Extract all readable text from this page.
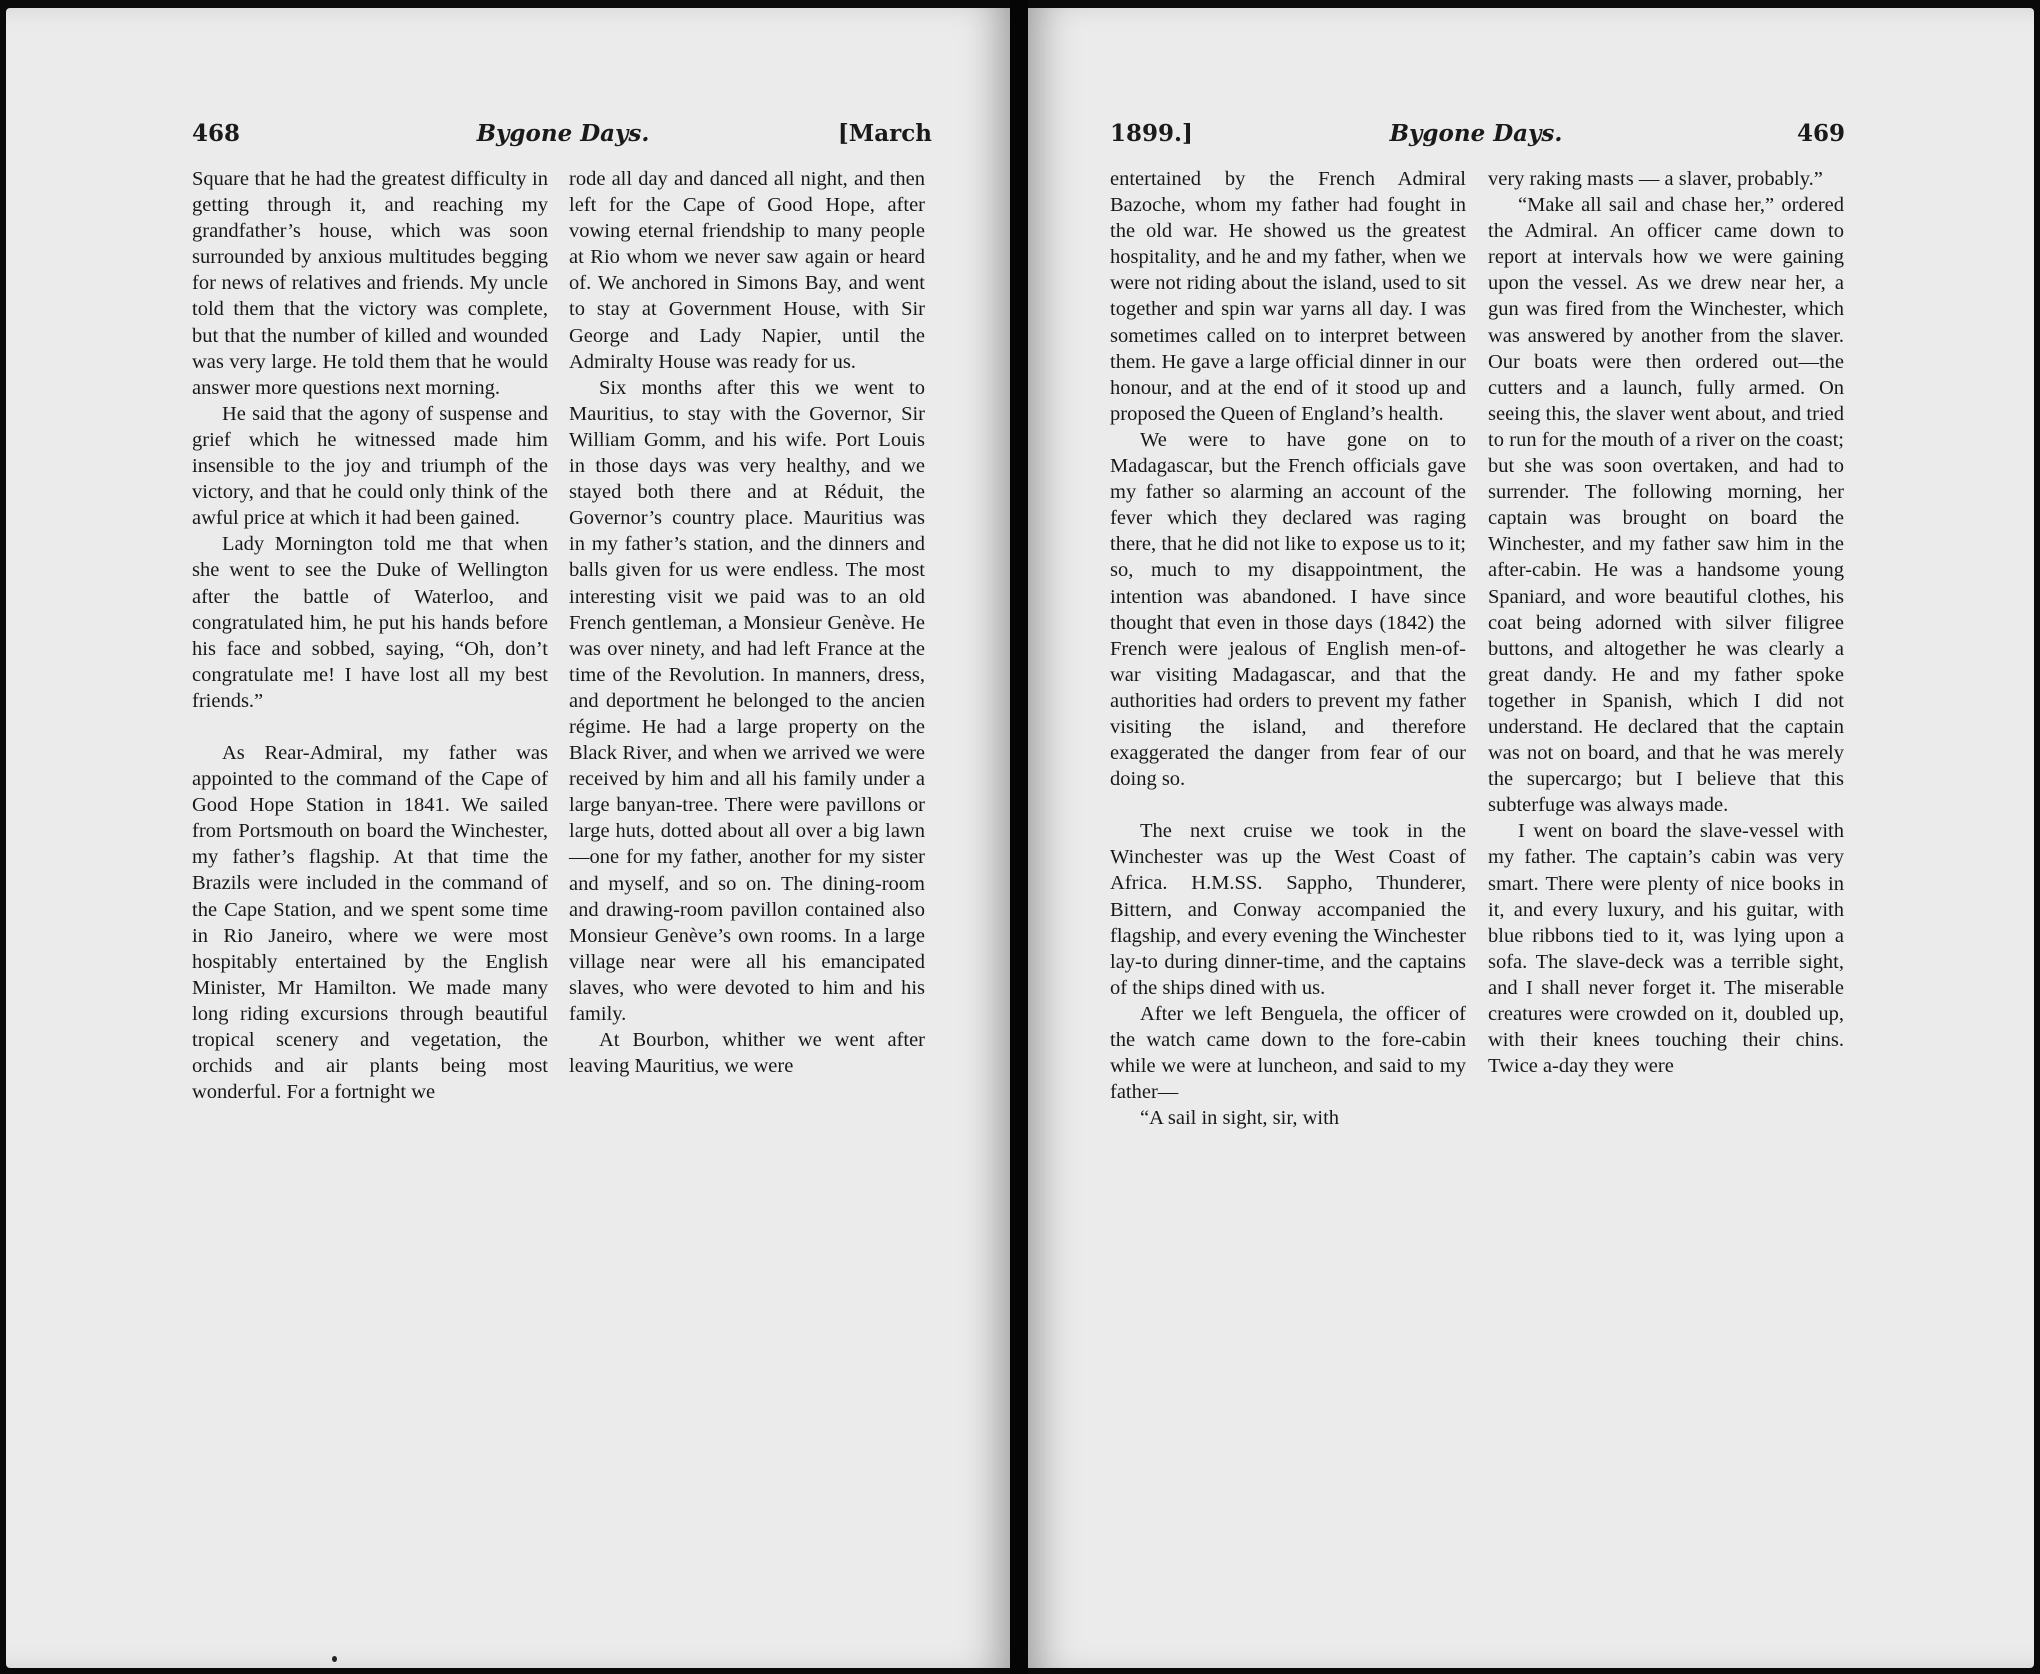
468	Bygone Days.	[March

Square that he had the greatest difficulty in getting through it, and reaching my grandfather’s house, which was soon surrounded by anxious multitudes begging for news of relatives and friends. My uncle told them that the victory was complete, but that the number of killed and wounded was very large. He told them that he would answer more questions next morning.

He said that the agony of suspense and grief which he witnessed made him insensible to the joy and triumph of the victory, and that he could only think of the awful price at which it had been gained.

Lady Mornington told me that when she went to see the Duke of Wellington after the battle of Waterloo, and congratulated him, he put his hands before his face and sobbed, saying, “Oh, don’t congratulate me! I have lost all my best friends.”

As Rear-Admiral, my father was appointed to the command of the Cape of Good Hope Station in 1841. We sailed from Portsmouth on board the Winchester, my father’s flagship. At that time the Brazils were included in the command of the Cape Station, and we spent some time in Rio Janeiro, where we were most hospitably entertained by the English Minister, Mr Hamilton. We made many long riding excursions through beautiful tropical scenery and vegetation, the orchids and air plants being most wonderful. For a fortnight we

rode all day and danced all night, and then left for the Cape of Good Hope, after vowing eternal friendship to many people at Rio whom we never saw again or heard of. We anchored in Simons Bay, and went to stay at Government House, with Sir George and Lady Napier, until the Admiralty House was ready for us.

Six months after this we went to Mauritius, to stay with the Governor, Sir William Gomm, and his wife. Port Louis in those days was very healthy, and we stayed both there and at Réduit, the Governor’s country place. Mauritius was in my father’s station, and the dinners and balls given for us were endless. The most interesting visit we paid was to an old French gentleman, a Monsieur Genève. He was over ninety, and had left France at the time of the Revolution. In manners, dress, and deportment he belonged to the ancien régime. He had a large property on the Black River, and when we arrived we were received by him and all his family under a large banyan-tree. There were pavillons or large huts, dotted about all over a big lawn—one for my father, another for my sister and myself, and so on. The dining-room and drawing-room pavillon contained also Monsieur Genève’s own rooms. In a large village near were all his emancipated slaves, who were devoted to him and his family.

At Bourbon, whither we went after leaving Mauritius, we were

1899.]	Bygone Days.	469

entertained by the French Admiral Bazoche, whom my father had fought in the old war. He showed us the greatest hospitality, and he and my father, when we were not riding about the island, used to sit together and spin war yarns all day. I was sometimes called on to interpret between them. He gave a large official dinner in our honour, and at the end of it stood up and proposed the Queen of England’s health.

We were to have gone on to Madagascar, but the French officials gave my father so alarming an account of the fever which they declared was raging there, that he did not like to expose us to it; so, much to my disappointment, the intention was abandoned. I have since thought that even in those days (1842) the French were jealous of English men-of-war visiting Madagascar, and that the authorities had orders to prevent my father visiting the island, and therefore exaggerated the danger from fear of our doing so.

The next cruise we took in the Winchester was up the West Coast of Africa. H.M.SS. Sappho, Thunderer, Bittern, and Conway accompanied the flagship, and every evening the Winchester lay-to during dinner-time, and the captains of the ships dined with us.

After we left Benguela, the officer of the watch came down to the fore-cabin while we were at luncheon, and said to my father—

“A sail in sight, sir, with

very raking masts — a slaver, probably.”

“Make all sail and chase her,” ordered the Admiral. An officer came down to report at intervals how we were gaining upon the vessel. As we drew near her, a gun was fired from the Winchester, which was answered by another from the slaver. Our boats were then ordered out—the cutters and a launch, fully armed. On seeing this, the slaver went about, and tried to run for the mouth of a river on the coast; but she was soon overtaken, and had to surrender. The following morning, her captain was brought on board the Winchester, and my father saw him in the after-cabin. He was a handsome young Spaniard, and wore beautiful clothes, his coat being adorned with silver filigree buttons, and altogether he was clearly a great dandy. He and my father spoke together in Spanish, which I did not understand. He declared that the captain was not on board, and that he was merely the supercargo; but I believe that this subterfuge was always made.

I went on board the slave-vessel with my father. The captain’s cabin was very smart. There were plenty of nice books in it, and every luxury, and his guitar, with blue ribbons tied to it, was lying upon a sofa. The slave-deck was a terrible sight, and I shall never forget it. The miserable creatures were crowded on it, doubled up, with their knees touching their chins. Twice a-day they were
